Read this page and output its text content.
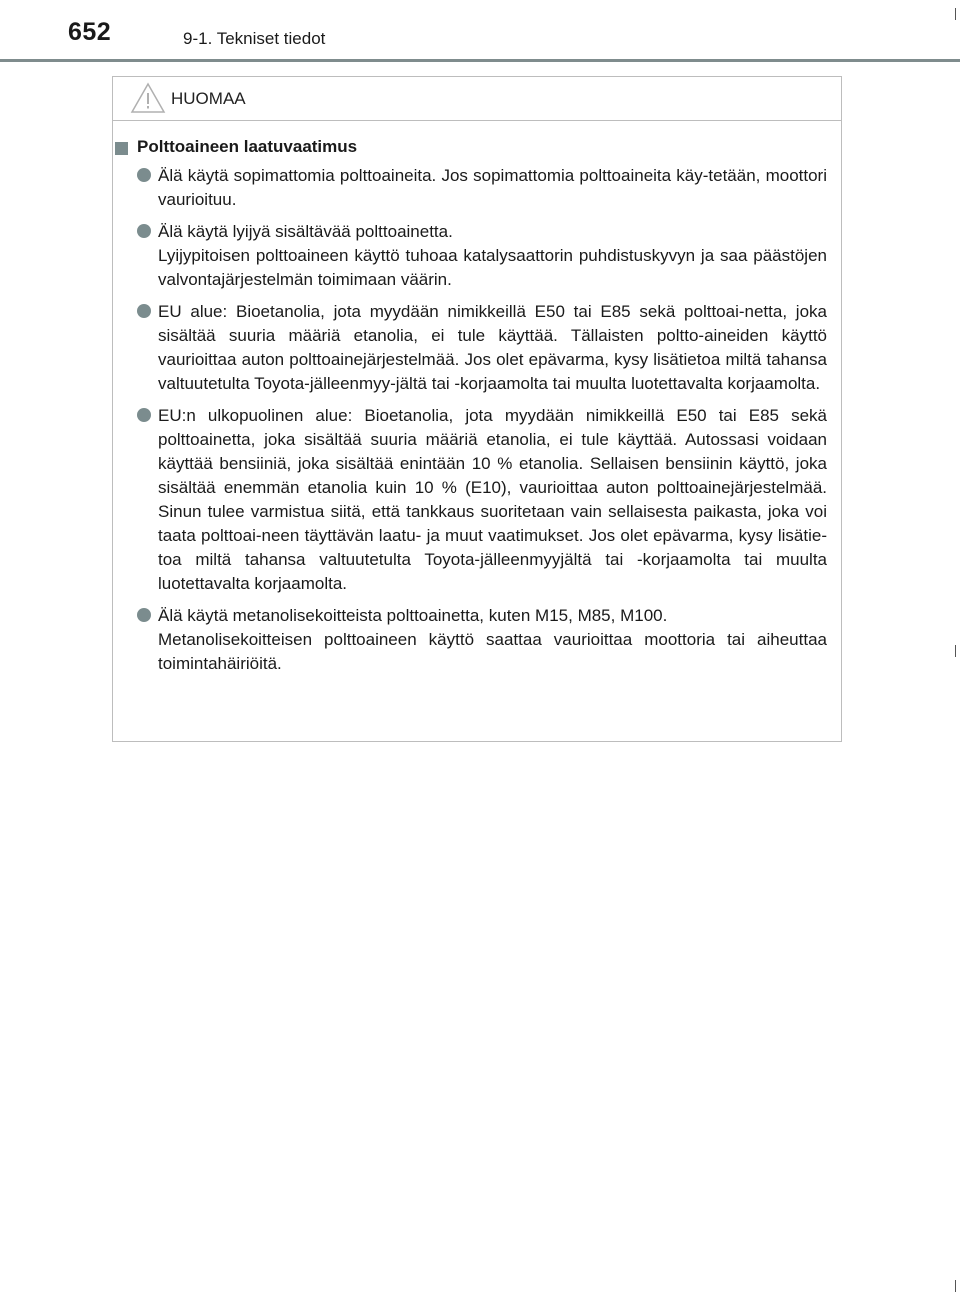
652	9-1. Tekniset tiedot
HUOMAA
Polttoaineen laatuvaatimus
Älä käytä sopimattomia polttoaineita. Jos sopimattomia polttoaineita käy-tetään, moottori vaurioituu.
Älä käytä lyijyä sisältävää polttoainetta.
Lyijypitoisen polttoaineen käyttö tuhoaa katalysaattorin puhdistuskyvyn ja saa päästöjen valvontajärjestelmän toimimaan väärin.
EU alue: Bioetanolia, jota myydään nimikkeillä E50 tai E85 sekä polttoai-netta, joka sisältää suuria määriä etanolia, ei tule käyttää. Tällaisten poltto-aineiden käyttö vaurioittaa auton polttoainejärjestelmää. Jos olet epävarma, kysy lisätietoa miltä tahansa valtuutetulta Toyota-jälleenmyy-jältä tai -korjaamolta tai muulta luotettavalta korjaamolta.
EU:n ulkopuolinen alue: Bioetanolia, jota myydään nimikkeillä E50 tai E85 sekä polttoainetta, joka sisältää suuria määriä etanolia, ei tule käyttää. Autossasi voidaan käyttää bensiiniä, joka sisältää enintään 10 % etanolia. Sellaisen bensiinin käyttö, joka sisältää enemmän etanolia kuin 10 % (E10), vaurioittaa auton polttoainejärjestelmää. Sinun tulee varmistua siitä, että tankkaus suoritetaan vain sellaisesta paikasta, joka voi taata polttoai-neen täyttävän laatu- ja muut vaatimukset. Jos olet epävarma, kysy lisätie-toa miltä tahansa valtuutetulta Toyota-jälleenmyyjältä tai -korjaamolta tai muulta luotettavalta korjaamolta.
Älä käytä metanolisekoitteista polttoainetta, kuten M15, M85, M100.
Metanolisekoitteisen polttoaineen käyttö saattaa vaurioittaa moottoria tai aiheuttaa toimintahäiriöitä.
